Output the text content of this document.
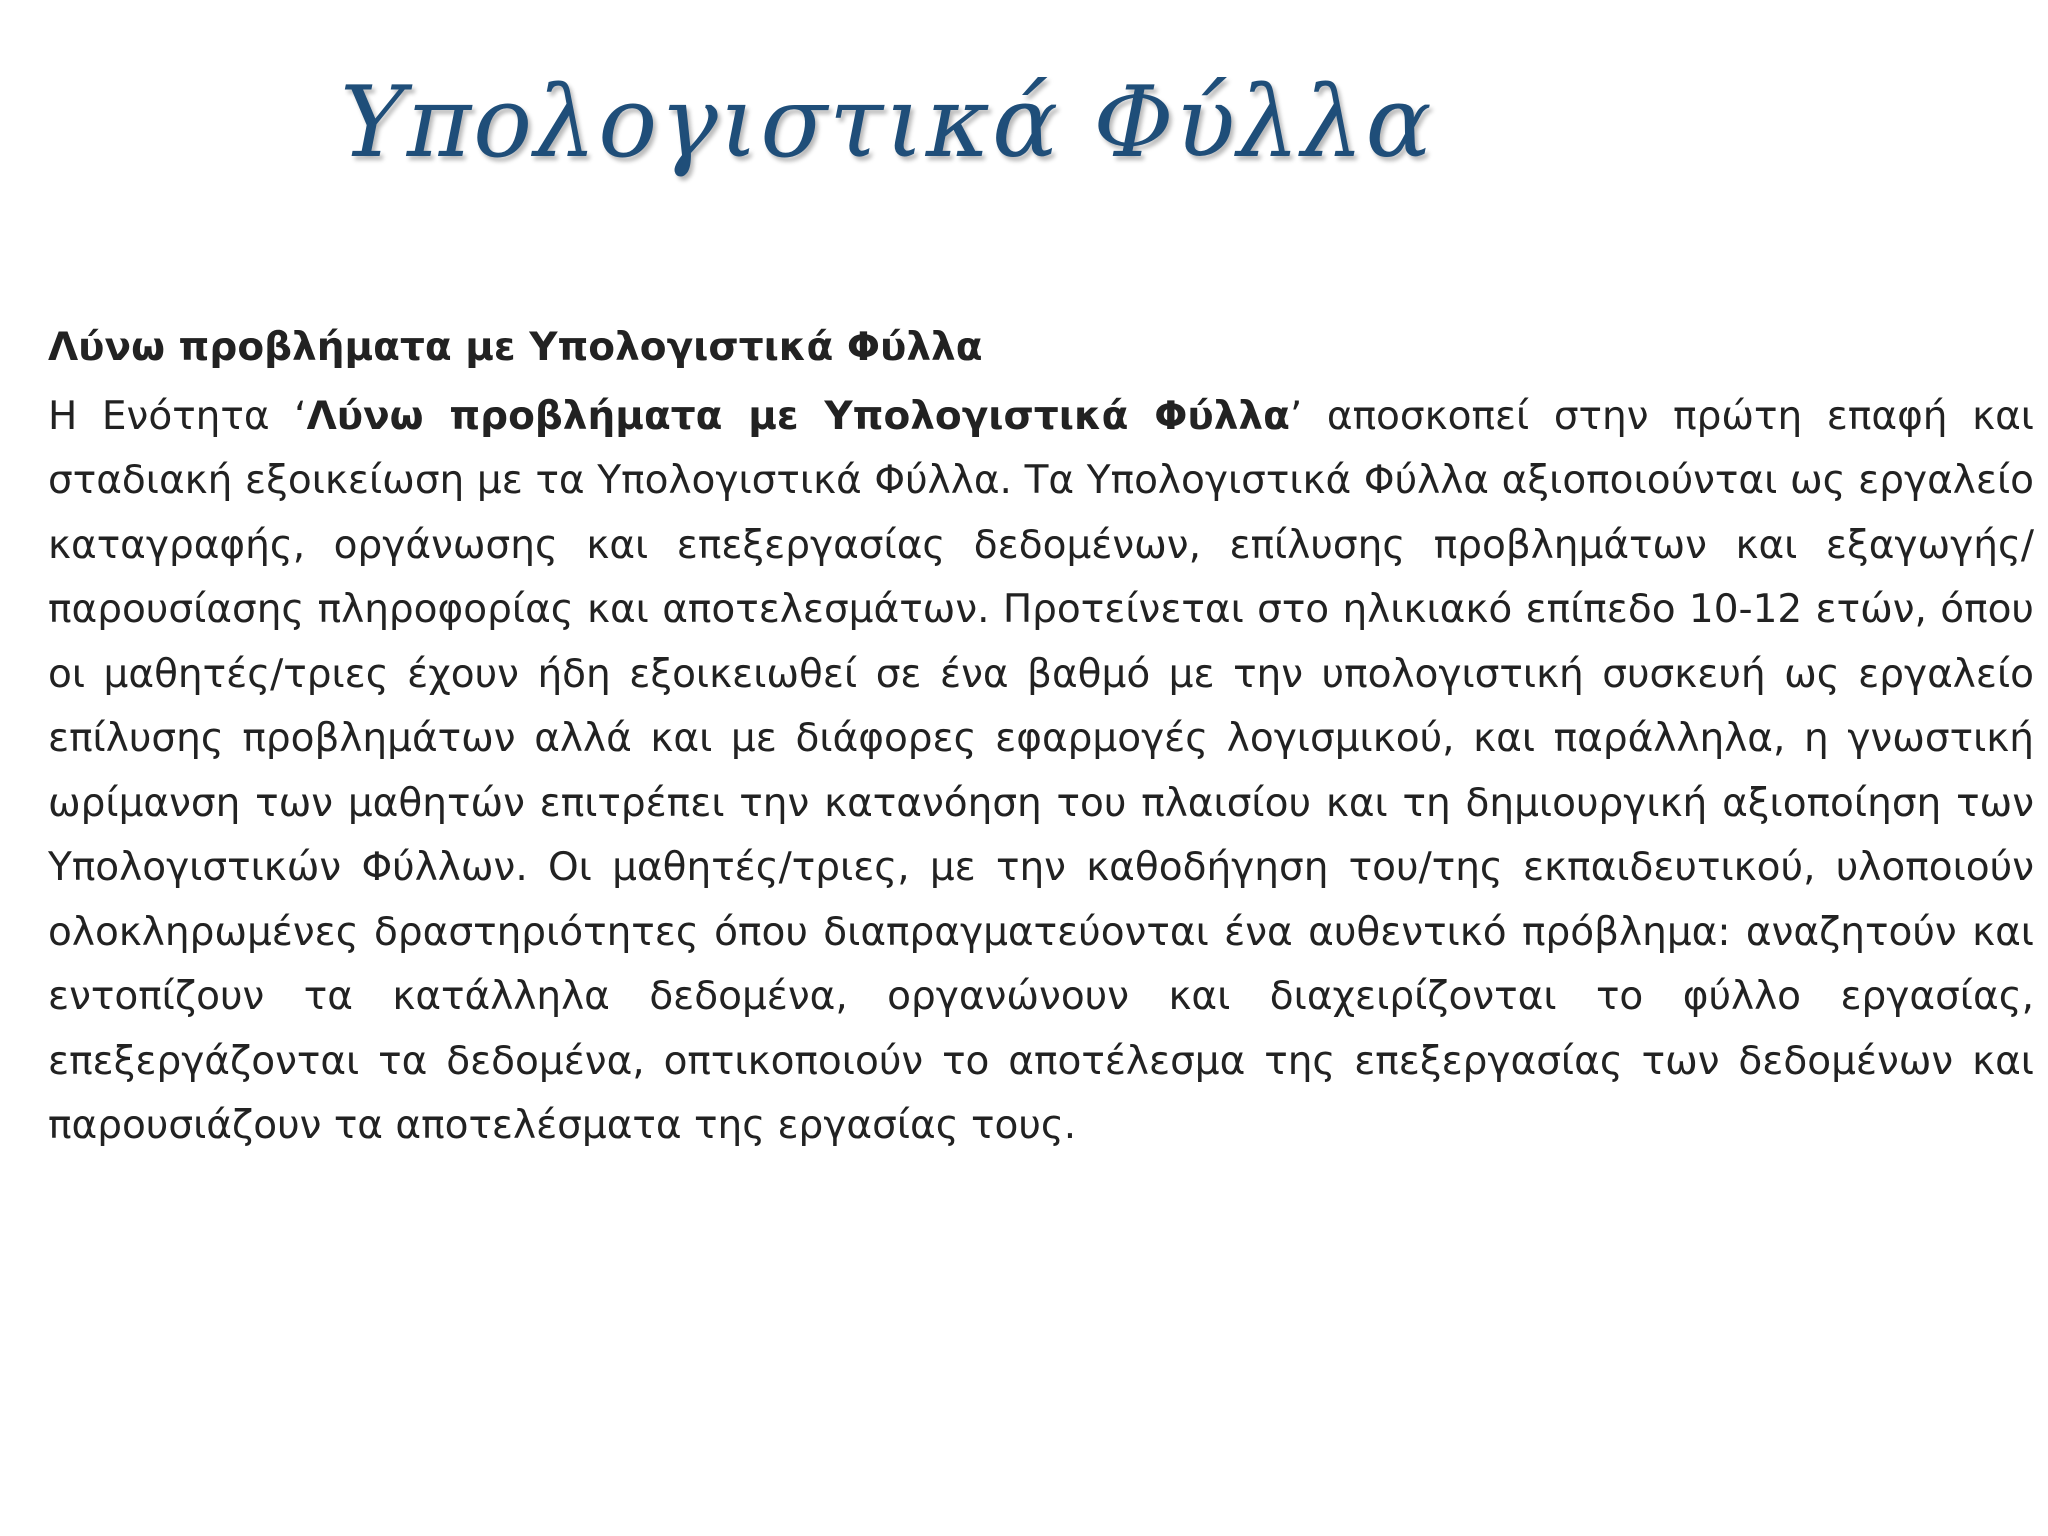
Υπολογιστικά Φύλλα
Λύνω προβλήματα με Υπολογιστικά Φύλλα

Η Ενότητα ‘Λύνω προβλήματα με Υπολογιστικά Φύλλα’ αποσκοπεί στην πρώτη επαφή και σταδιακή εξοικείωση με τα Υπολογιστικά Φύλλα. Τα Υπολογιστικά Φύλλα αξιοποιούνται ως εργαλείο καταγραφής, οργάνωσης και επεξεργασίας δεδομένων, επίλυσης προβλημάτων και εξαγωγής/παρουσίασης πληροφορίας και αποτελεσμάτων. Προτείνεται στο ηλικιακό επίπεδο 10-12 ετών, όπου οι μαθητές/τριες έχουν ήδη εξοικειωθεί σε ένα βαθμό με την υπολογιστική συσκευή ως εργαλείο επίλυσης προβλημάτων αλλά και με διάφορες εφαρμογές λογισμικού, και παράλληλα, η γνωστική ωρίμανση των μαθητών επιτρέπει την κατανόηση του πλαισίου και τη δημιουργική αξιοποίηση των Υπολογιστικών Φύλλων. Οι μαθητές/τριες, με την καθοδήγηση του/της εκπαιδευτικού, υλοποιούν ολοκληρωμένες δραστηριότητες όπου διαπραγματεύονται ένα αυθεντικό πρόβλημα: αναζητούν και εντοπίζουν τα κατάλληλα δεδομένα, οργανώνουν και διαχειρίζονται το φύλλο εργασίας, επεξεργάζονται τα δεδομένα, οπτικοποιούν το αποτέλεσμα της επεξεργασίας των δεδομένων και παρουσιάζουν τα αποτελέσματα της εργασίας τους.
